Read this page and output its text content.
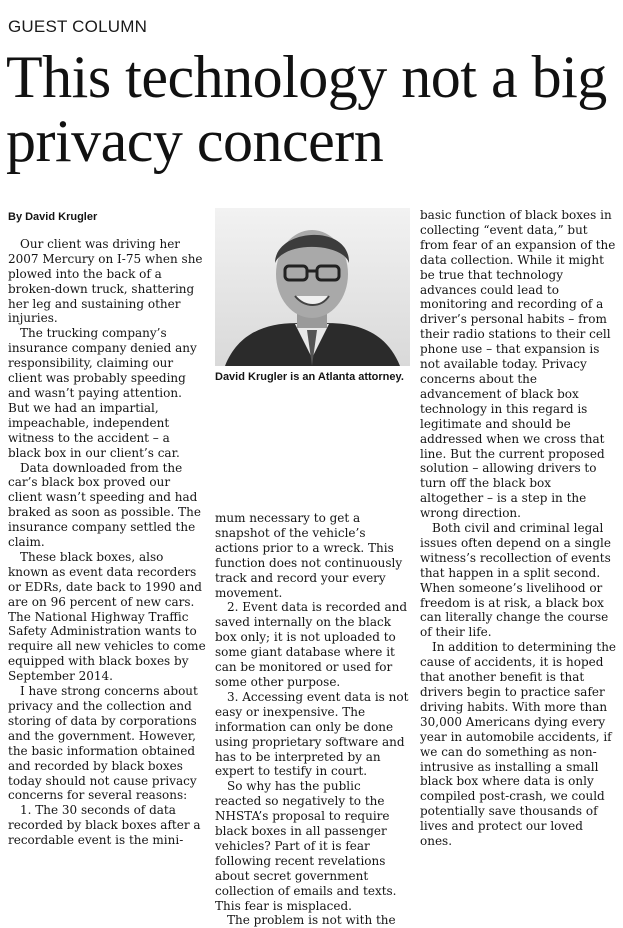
GUEST COLUMN
This technology not a big privacy concern
By David Krugler

Our client was driving her 2007 Mercury on I-75 when she plowed into the back of a broken-down truck, shattering her leg and sustaining other injuries.

The trucking company’s insurance company denied any responsibility, claiming our client was probably speeding and wasn’t paying attention. But we had an impartial, impeachable, independent witness to the accident – a black box in our client’s car.

Data downloaded from the car’s black box proved our client wasn’t speeding and had braked as soon as possible. The insurance company settled the claim.

These black boxes, also known as event data recorders or EDRs, date back to 1990 and are on 96 percent of new cars. The National Highway Traffic Safety Administration wants to require all new vehicles to come equipped with black boxes by September 2014.

I have strong concerns about privacy and the collection and storing of data by corporations and the government. However, the basic information obtained and recorded by black boxes today should not cause privacy concerns for several reasons:

1. The 30 seconds of data recorded by black boxes after a recordable event is the mini-

David Krugler is an Atlanta attorney.

mum necessary to get a snapshot of the vehicle’s actions prior to a wreck. This function does not continuously track and record your every movement.

2. Event data is recorded and saved internally on the black box only; it is not uploaded to some giant database where it can be monitored or used for some other purpose.

3. Accessing event data is not easy or inexpensive. The information can only be done using proprietary software and has to be interpreted by an expert to testify in court.

So why has the public reacted so negatively to the NHSTA’s proposal to require black boxes in all passenger vehicles? Part of it is fear following recent revelations about secret government collection of emails and texts. This fear is misplaced.

The problem is not with the

basic function of black boxes in collecting “event data,” but from fear of an expansion of the data collection. While it might be true that technology advances could lead to monitoring and recording of a driver’s personal habits – from their radio stations to their cell phone use – that expansion is not available today. Privacy concerns about the advancement of black box technology in this regard is legitimate and should be addressed when we cross that line. But the current proposed solution – allowing drivers to turn off the black box altogether – is a step in the wrong direction.

Both civil and criminal legal issues often depend on a single witness’s recollection of events that happen in a split second. When someone’s livelihood or freedom is at risk, a black box can literally change the course of their life.

In addition to determining the cause of accidents, it is hoped that another benefit is that drivers begin to practice safer driving habits. With more than 30,000 Americans dying every year in automobile accidents, if we can do something as non-intrusive as installing a small black box where data is only compiled post-crash, we could potentially save thousands of lives and protect our loved ones.
